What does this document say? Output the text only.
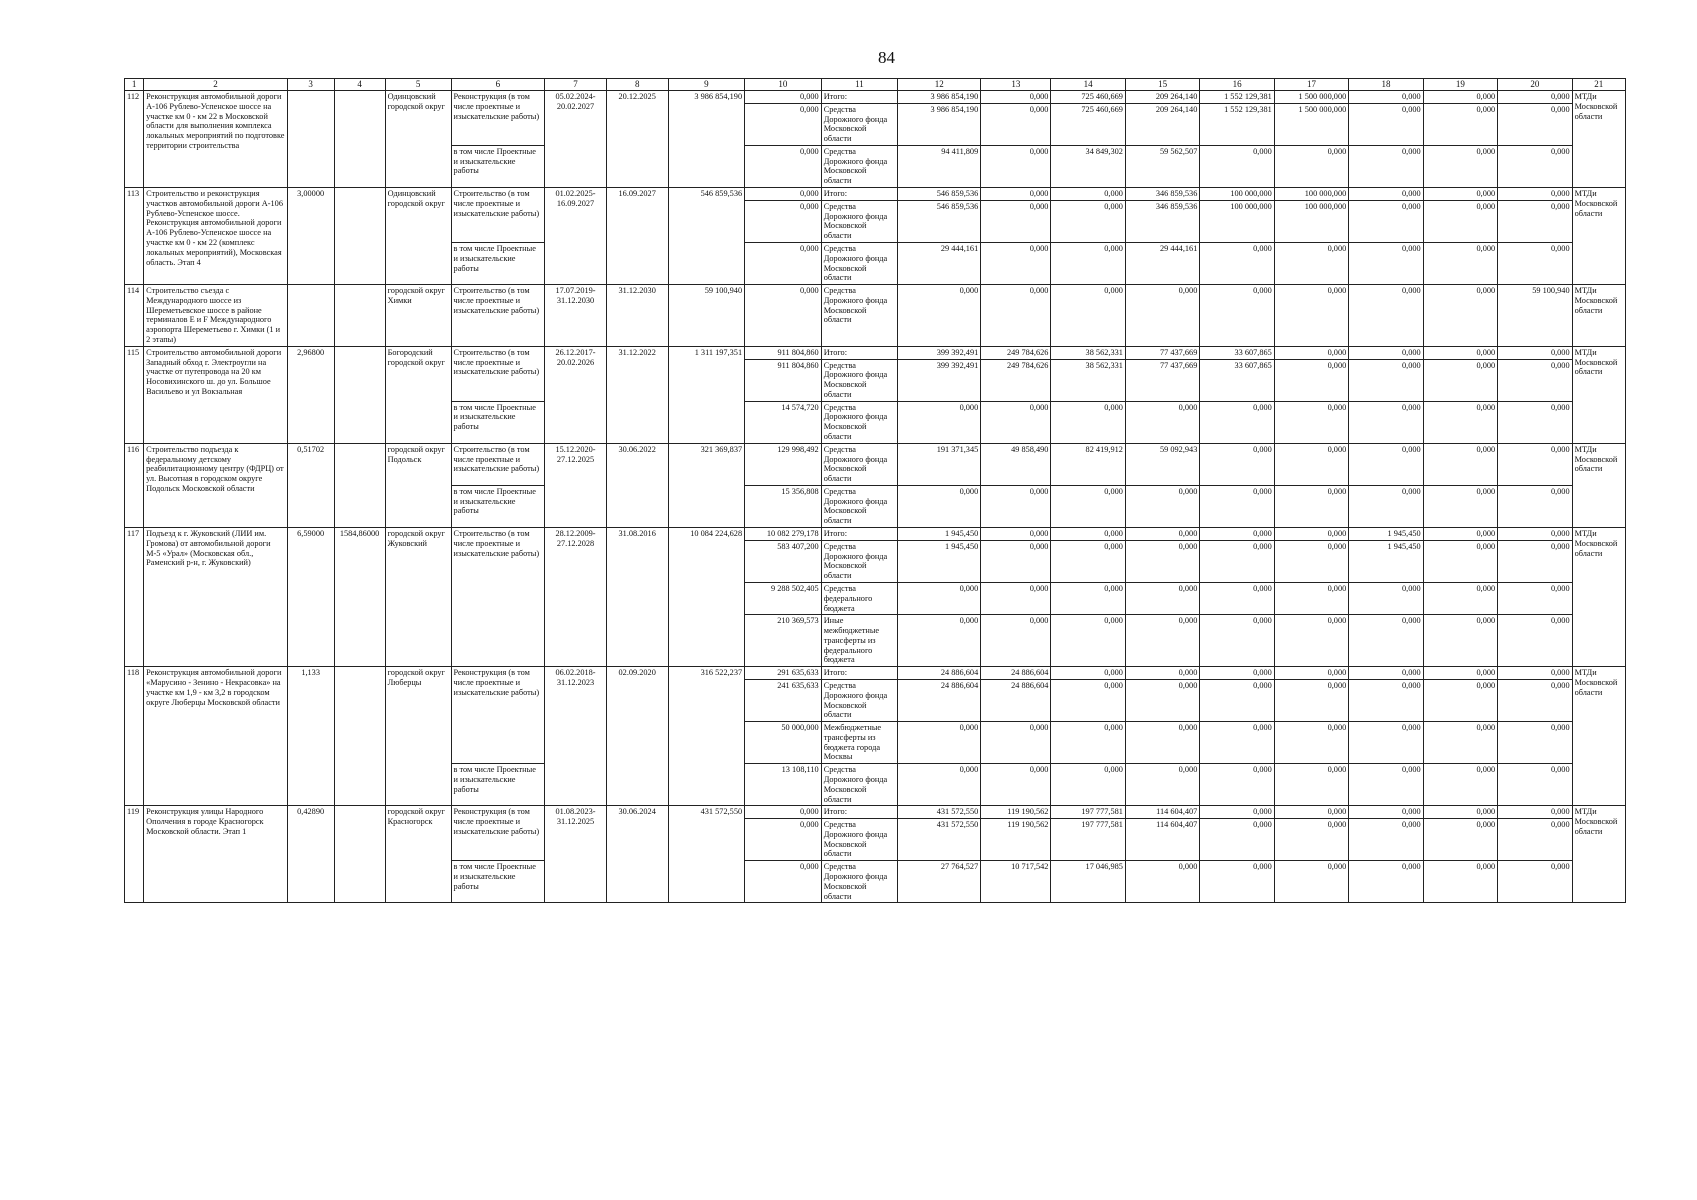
84
1	2	3	4	5	6	7	8	9	10	11	12	13	14	15	16	17	18	19	20	21
112	Реконструкция автомобильной дороги А-106 Рублево-Успенское шоссе на участке км 0 - км 22 в Московской области для выполнения комплекса локальных мероприятий по подготовке территории строительства			Одинцовский городской округ	Реконструкция (в том числе проектные и изыскательские работы)	05.02.2024-20.02.2027	20.12.2025	3 986 854,190	0,000	Итого:	3 986 854,190	0,000	725 460,669	209 264,140	1 552 129,381	1 500 000,000	0,000	0,000	0,000	МТДи Московской области
									0,000	Средства Дорожного фонда Московской области	3 986 854,190	0,000	725 460,669	209 264,140	1 552 129,381	1 500 000,000	0,000	0,000	0,000	
					в том числе Проектные и изыскательские работы				0,000	Средства Дорожного фонда Московской области	94 411,809	0,000	34 849,302	59 562,507	0,000	0,000	0,000	0,000	0,000	
113	Строительство и реконструкция участков автомобильной дороги А-106 Рублево-Успенское шоссе. Реконструкция автомобильной дороги А-106 Рублево-Успенское шоссе на участке км 0 - км 22 (комплекс локальных мероприятий), Московская область. Этап 4	3,00000		Одинцовский городской округ	Строительство (в том числе проектные и изыскательские работы)	01.02.2025-16.09.2027	16.09.2027	546 859,536	0,000	Итого:	546 859,536	0,000	0,000	346 859,536	100 000,000	100 000,000	0,000	0,000	0,000	МТДи Московской области
									0,000	Средства Дорожного фонда Московской области	546 859,536	0,000	0,000	346 859,536	100 000,000	100 000,000	0,000	0,000	0,000	
					в том числе Проектные и изыскательские работы				0,000	Средства Дорожного фонда Московской области	29 444,161	0,000	0,000	29 444,161	0,000	0,000	0,000	0,000	0,000	
114	Строительство съезда с Международного шоссе из Шереметьевское шоссе в районе терминалов Е и F Международного аэропорта Шереметьево г. Химки (1 и 2 этапы)			городской округ Химки	Строительство (в том числе проектные и изыскательские работы)	17.07.2019-31.12.2030	31.12.2030	59 100,940	0,000	Средства Дорожного фонда Московской области	0,000	0,000	0,000	0,000	0,000	0,000	0,000	0,000	59 100,940	МТДи Московской области
115	Строительство автомобильной дороги Западный обход г. Электроугли на участке от путепровода на 20 км Носовихинского ш. до ул. Большое Васильево и ул Вокзальная	2,96800		Богородский городской округ	Строительство (в том числе проектные и изыскательские работы)	26.12.2017-20.02.2026	31.12.2022	1 311 197,351	911 804,860	Итого:	399 392,491	249 784,626	38 562,331	77 437,669	33 607,865	0,000	0,000	0,000	0,000	МТДи Московской области
									911 804,860	Средства Дорожного фонда Московской области	399 392,491	249 784,626	38 562,331	77 437,669	33 607,865	0,000	0,000	0,000	0,000	
					в том числе Проектные и изыскательские работы				14 574,720	Средства Дорожного фонда Московской области	0,000	0,000	0,000	0,000	0,000	0,000	0,000	0,000	0,000	
116	Строительство подъезда к федеральному детскому реабилитационному центру (ФДРЦ) от ул. Высотная в городском округе Подольск Московской области	0,51702		городской округ Подольск	Строительство (в том числе проектные и изыскательские работы)	15.12.2020-27.12.2025	30.06.2022	321 369,837	129 998,492	Средства Дорожного фонда Московской области	191 371,345	49 858,490	82 419,912	59 092,943	0,000	0,000	0,000	0,000	0,000	МТДи Московской области
					в том числе Проектные и изыскательские работы				15 356,808	Средства Дорожного фонда Московской области	0,000	0,000	0,000	0,000	0,000	0,000	0,000	0,000	0,000	
117	Подъезд к г. Жуковский (ЛИИ им. Громова) от автомобильной дороги М-5 «Урал» (Московская обл., Раменский р-н, г. Жуковский)	6,59000	1584,86000	городской округ Жуковский	Строительство (в том числе проектные и изыскательские работы)	28.12.2009-27.12.2028	31.08.2016	10 084 224,628	10 082 279,178	Итого:	1 945,450	0,000	0,000	0,000	0,000	0,000	1 945,450	0,000	0,000	МТДи Московской области
									583 407,200	Средства Дорожного фонда Московской области	1 945,450	0,000	0,000	0,000	0,000	0,000	1 945,450	0,000	0,000	
									9 288 502,405	Средства федерального бюджета	0,000	0,000	0,000	0,000	0,000	0,000	0,000	0,000	0,000	
									210 369,573	Иные межбюджетные трансферты из федерального бюджета	0,000	0,000	0,000	0,000	0,000	0,000	0,000	0,000	0,000	
118	Реконструкция автомобильной дороги «Марусино - Зенино - Некрасовка» на участке км 1,9 - км 3,2 в городском округе Люберцы Московской области	1,133		городской округ Люберцы	Реконструкция (в том числе проектные и изыскательские работы)	06.02.2018-31.12.2023	02.09.2020	316 522,237	291 635,633	Итого:	24 886,604	24 886,604	0,000	0,000	0,000	0,000	0,000	0,000	0,000	МТДи Московской области
									241 635,633	Средства Дорожного фонда Московской области	24 886,604	24 886,604	0,000	0,000	0,000	0,000	0,000	0,000	0,000	
									50 000,000	Межбюджетные трансферты из бюджета города Москвы	0,000	0,000	0,000	0,000	0,000	0,000	0,000	0,000	0,000	
					в том числе Проектные и изыскательские работы				13 108,110	Средства Дорожного фонда Московской области	0,000	0,000	0,000	0,000	0,000	0,000	0,000	0,000	0,000	
119	Реконструкция улицы Народного Ополчения в городе Красногорск Московской области. Этап 1	0,42890		городской округ Красногорск	Реконструкция (в том числе проектные и изыскательские работы)	01.08.2023-31.12.2025	30.06.2024	431 572,550	0,000	Итого:	431 572,550	119 190,562	197 777,581	114 604,407	0,000	0,000	0,000	0,000	0,000	МТДи Московской области
									0,000	Средства Дорожного фонда Московской области	431 572,550	119 190,562	197 777,581	114 604,407	0,000	0,000	0,000	0,000	0,000	
					в том числе Проектные и изыскательские работы				0,000	Средства Дорожного фонда Московской области	27 764,527	10 717,542	17 046,985	0,000	0,000	0,000	0,000	0,000	0,000	
